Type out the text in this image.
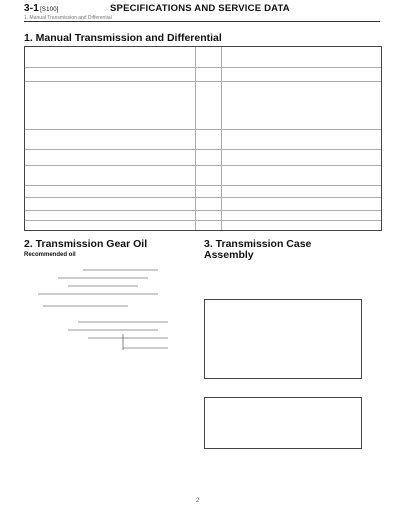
3-1[S100]	SPECIFICATIONS AND SERVICE DATA
1. Manual Transmission and Differential
1. Manual Transmission and Differential
2. Transmission Gear Oil
Recommended oil
3. Transmission Case
Assembly
2
